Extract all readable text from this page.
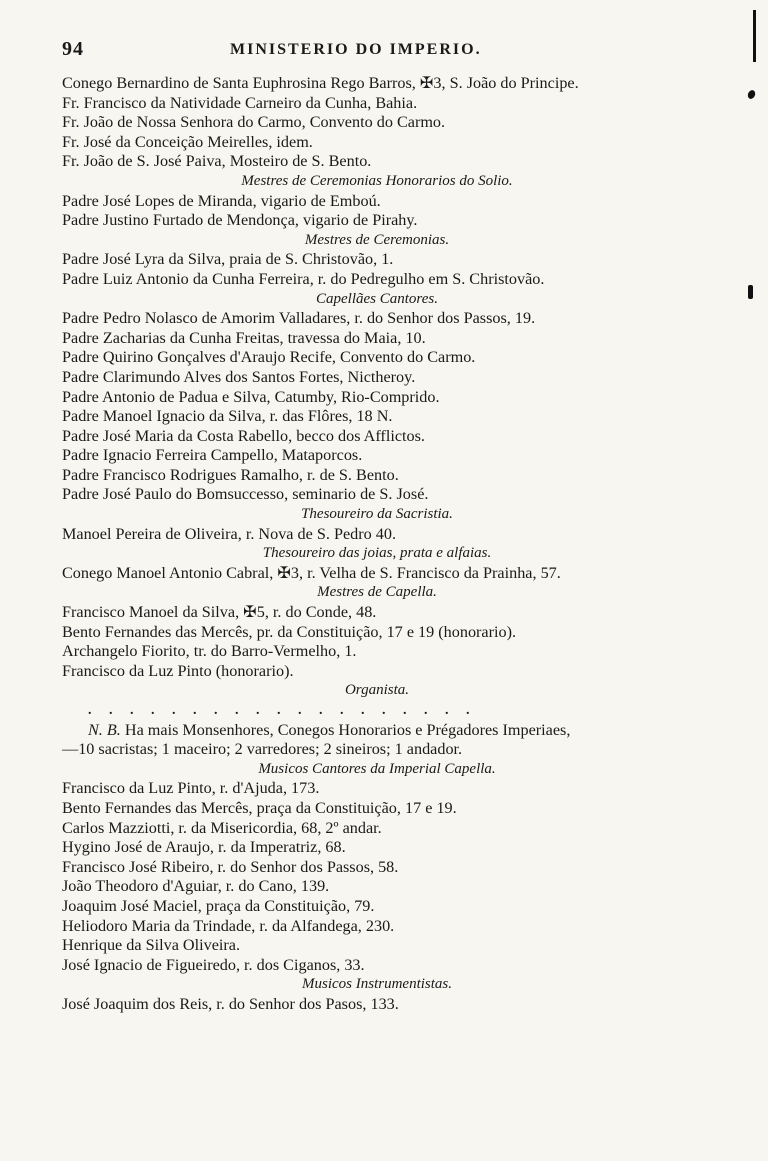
94	MINISTERIO DO IMPERIO.
Conego Bernardino de Santa Euphrosina Rego Barros, ✠3, S. João do Principe.
Fr. Francisco da Natividade Carneiro da Cunha, Bahia.
Fr. João de Nossa Senhora do Carmo, Convento do Carmo.
Fr. José da Conceição Meirelles, idem.
Fr. João de S. José Paiva, Mosteiro de S. Bento.
Mestres de Ceremonias Honorarios do Solio.
Padre José Lopes de Miranda, vigario de Emboú.
Padre Justino Furtado de Mendonça, vigario de Pirahy.
Mestres de Ceremonias.
Padre José Lyra da Silva, praia de S. Christovão, 1.
Padre Luiz Antonio da Cunha Ferreira, r. do Pedregulho em S. Christovão.
Capellães Cantores.
Padre Pedro Nolasco de Amorim Valladares, r. do Senhor dos Passos, 19.
Padre Zacharias da Cunha Freitas, travessa do Maia, 10.
Padre Quirino Gonçalves d'Araujo Recife, Convento do Carmo.
Padre Clarimundo Alves dos Santos Fortes, Nictheroy.
Padre Antonio de Padua e Silva, Catumby, Rio-Comprido.
Padre Manoel Ignacio da Silva, r. das Flôres, 18 N.
Padre José Maria da Costa Rabello, becco dos Afflictos.
Padre Ignacio Ferreira Campello, Mataporcos.
Padre Francisco Rodrigues Ramalho, r. de S. Bento.
Padre José Paulo do Bomsuccesso, seminario de S. José.
Thesoureiro da Sacristia.
Manoel Pereira de Oliveira, r. Nova de S. Pedro 40.
Thesoureiro das joias, prata e alfaias.
Conego Manoel Antonio Cabral, ✠3, r. Velha de S. Francisco da Prainha, 57.
Mestres de Capella.
Francisco Manoel da Silva, ✠5, r. do Conde, 48.
Bento Fernandes das Mercês, pr. da Constituição, 17 e 19 (honorario).
Archangelo Fiorito, tr. do Barro-Vermelho, 1.
Francisco da Luz Pinto (honorario).
Organista.
. . . . . . . . . . . . . . . . . . .
N. B. Ha mais Monsenhores, Conegos Honorarios e Prégadores Imperiaes,
—10 sacristas; 1 maceiro; 2 varredores; 2 sineiros; 1 andador.
Musicos Cantores da Imperial Capella.
Francisco da Luz Pinto, r. d'Ajuda, 173.
Bento Fernandes das Mercês, praça da Constituição, 17 e 19.
Carlos Mazziotti, r. da Misericordia, 68, 2º andar.
Hygino José de Araujo, r. da Imperatriz, 68.
Francisco José Ribeiro, r. do Senhor dos Passos, 58.
João Theodoro d'Aguiar, r. do Cano, 139.
Joaquim José Maciel, praça da Constituição, 79.
Heliodoro Maria da Trindade, r. da Alfandega, 230.
Henrique da Silva Oliveira.
José Ignacio de Figueiredo, r. dos Ciganos, 33.
Musicos Instrumentistas.
José Joaquim dos Reis, r. do Senhor dos Pasos, 133.
